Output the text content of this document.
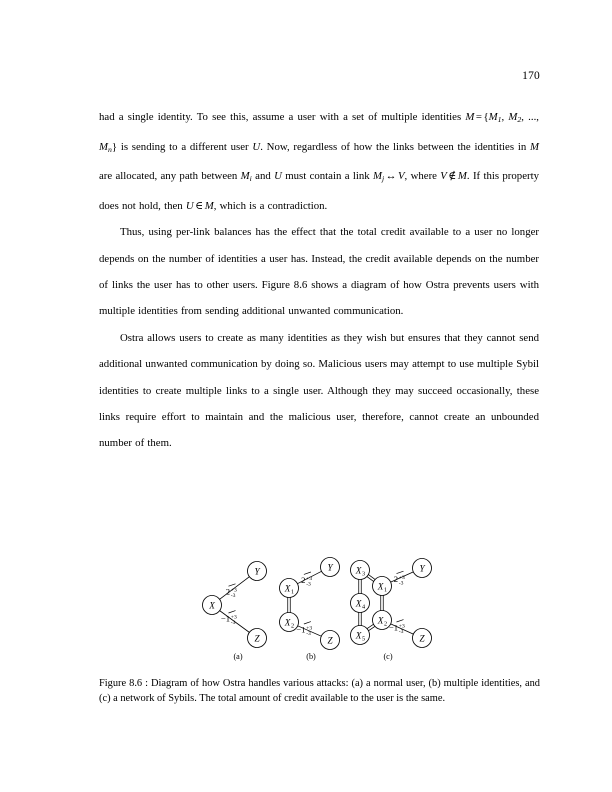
170

had a single identity. To see this, assume a user with a set of multiple identities $M = \{M_1$, $M_2$, ..., $M_n$} is sending to a different user U. Now, regardless of how the links between the identities in M are allocated, any path between $M_i$ and U must contain a link $M_j$ ↔ V, where V ∉ M. If this property does not hold, then U ∈ M, which is a contradiction.

Thus, using per-link balances has the effect that the total credit available to a user no longer depends on the number of identities a user has. Instead, the credit available depends on the number of links the user has to other users. Figure 8.6 shows a diagram of how Ostra prevents users with multiple identities from sending additional unwanted communication.

Ostra allows users to create as many identities as they wish but ensures that they cannot send additional unwanted communication by doing so. Malicious users may attempt to use multiple Sybil identities to create multiple links to a single user. Although they may succeed occasionally, these links require effort to maintain and the malicious user, therefore, cannot create an unbounded number of them.

X
Y
Z
2 +3
-3
−1 +3
-3
X 1
X 2
Y
Z
2 +3
-3
−1 +3
-3
X 3
X 4
X 5
X 1
X 2
Y
Z
2 +3
-3
−1 +3
-3
(a)	(b)	(c)
Figure 8.6 : Diagram of how Ostra handles various attacks: (a) a normal user, (b) multiple identities, and (c) a network of Sybils. The total amount of credit available to the user is the same.
